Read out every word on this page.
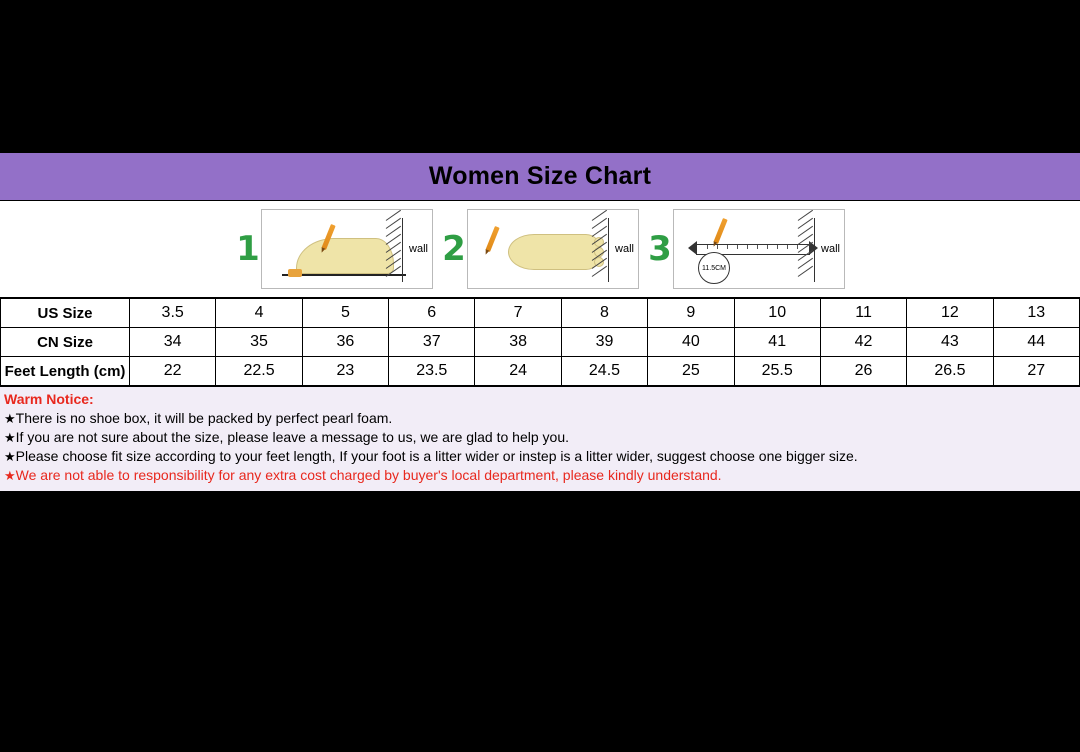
Women Size Chart
1	wall 2	wall 3	11.5CM
wall
US Size	3.5	4	5	6	7	8	9	10	11	12	13
CN Size	34	35	36	37	38	39	40	41	42	43	44
Feet Length (cm)	22	22.5	23	23.5	24	24.5	25	25.5	26	26.5	27
Warm Notice:
★There is no shoe box, it will be packed by perfect pearl foam.
★If you are not sure about the size, please leave a message to us, we are glad to help you.
★Please choose fit size according to your feet length, If your foot is a litter wider or instep is a litter wider, suggest choose one bigger size.
★We are not able to responsibility for any extra cost charged by buyer's local department, please kindly understand.
